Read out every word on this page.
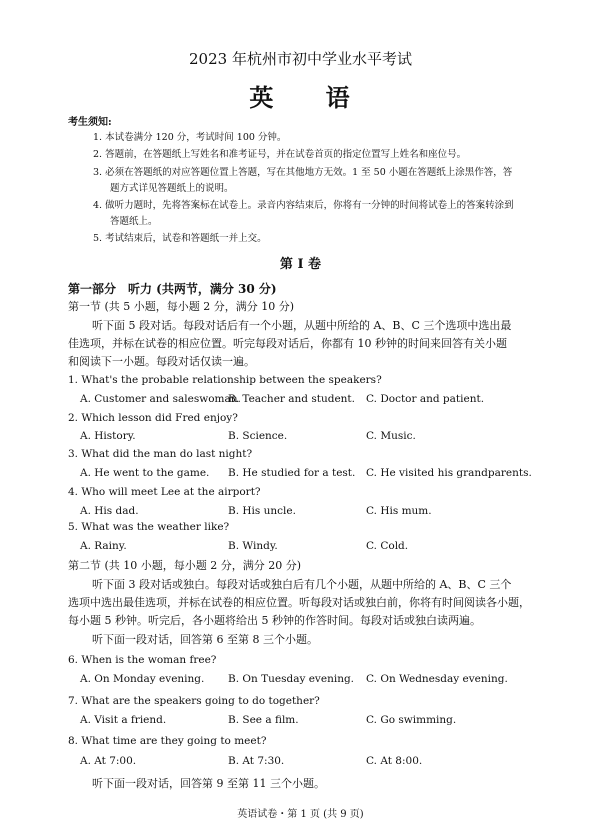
2023 年杭州市初中学业水平考试
英 语
考生须知:
1. 本试卷满分 120 分，考试时间 100 分钟。
2. 答题前，在答题纸上写姓名和准考证号，并在试卷首页的指定位置写上姓名和座位号。
3. 必须在答题纸的对应答题位置上答题，写在其他地方无效。1 至 50 小题在答题纸上涂黑作答，答
题方式详见答题纸上的说明。
4. 做听力题时，先将答案标在试卷上。录音内容结束后，你将有一分钟的时间将试卷上的答案转涂到
答题纸上。
5. 考试结束后，试卷和答题纸一并上交。
第 I 卷
第一部分　听力 (共两节，满分 30 分)
第一节 (共 5 小题，每小题 2 分，满分 10 分)
听下面 5 段对话。每段对话后有一个小题，从题中所给的 A、B、C 三个选项中选出最
佳选项，并标在试卷的相应位置。听完每段对话后，你都有 10 秒钟的时间来回答有关小题
和阅读下一小题。每段对话仅读一遍。
1. What's the probable relationship between the speakers?
A. Customer and saleswoman.
B. Teacher and student. C. Doctor and patient.
2. Which lesson did Fred enjoy?
A. History.	B. Science.	C. Music.
3. What did the man do last night?
A. He went to the game. B. He studied for a test. C. He visited his grandparents.
4. Who will meet Lee at the airport?
A. His dad.	B. His uncle.	C. His mum.
5. What was the weather like?
A. Rainy.	B. Windy.	C. Cold.
第二节 (共 10 小题，每小题 2 分，满分 20 分)
听下面 3 段对话或独白。每段对话或独白后有几个小题，从题中所给的 A、B、C 三个
选项中选出最佳选项，并标在试卷的相应位置。听每段对话或独白前，你将有时间阅读各小题，
每小题 5 秒钟。听完后，各小题将给出 5 秒钟的作答时间。每段对话或独白读两遍。
听下面一段对话，回答第 6 至第 8 三个小题。
6. When is the woman free?
A. On Monday evening. B. On Tuesday evening. C. On Wednesday evening.
7. What are the speakers going to do together?
A. Visit a friend.	B. See a film.	C. Go swimming.
8. What time are they going to meet?
A. At 7:00.	B. At 7:30.	C. At 8:00.
听下面一段对话，回答第 9 至第 11 三个小题。
英语试卷・第 1 页 (共 9 页)
